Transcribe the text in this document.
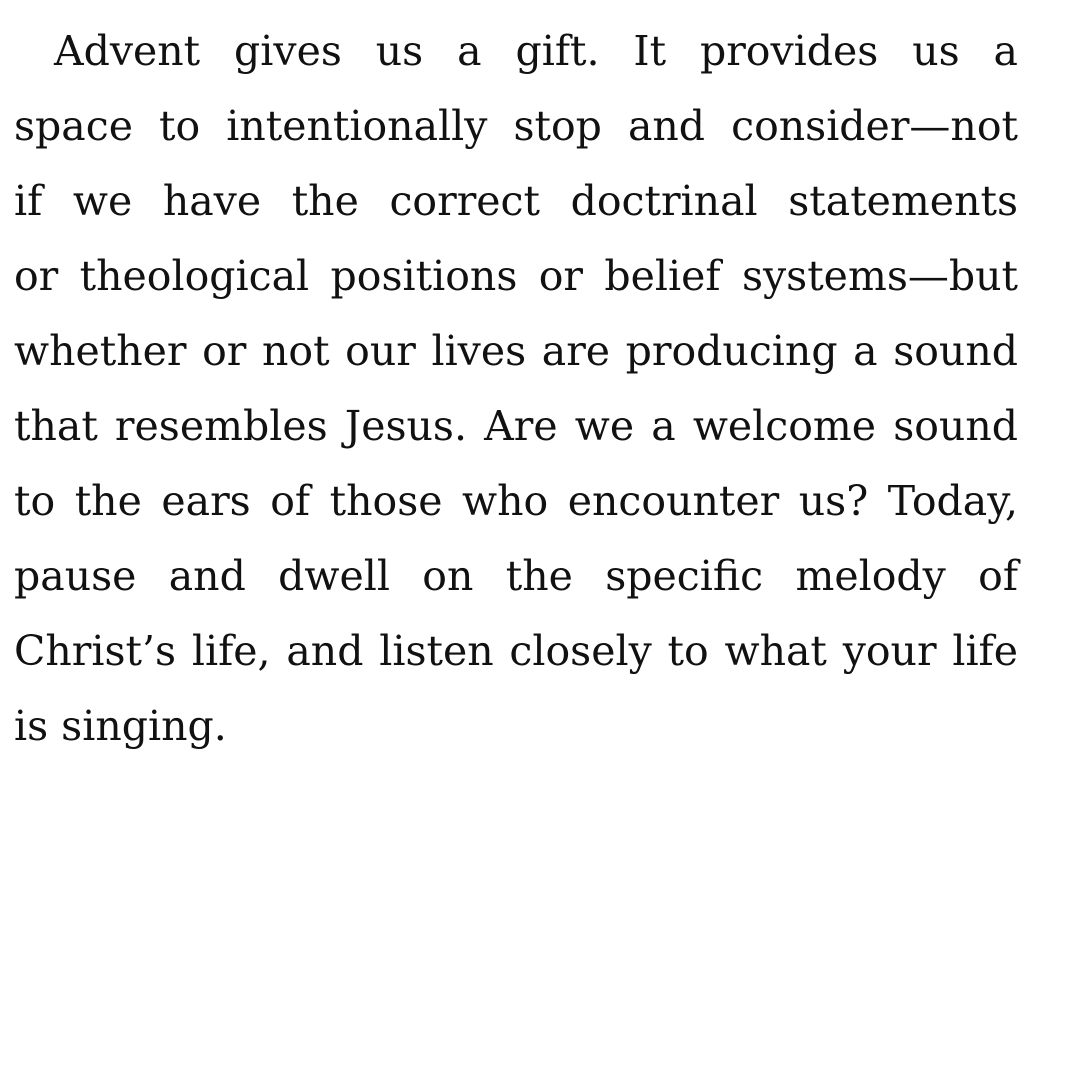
Advent gives us a gift. It provides us a
space to intentionally stop and consider—not
if we have the correct doctrinal statements
or theological positions or belief systems—but
whether or not our lives are producing a sound
that resembles Jesus. Are we a welcome sound
to the ears of those who encounter us? Today,
pause and dwell on the specific melody of
Christ’s life, and listen closely to what your life
is singing.
